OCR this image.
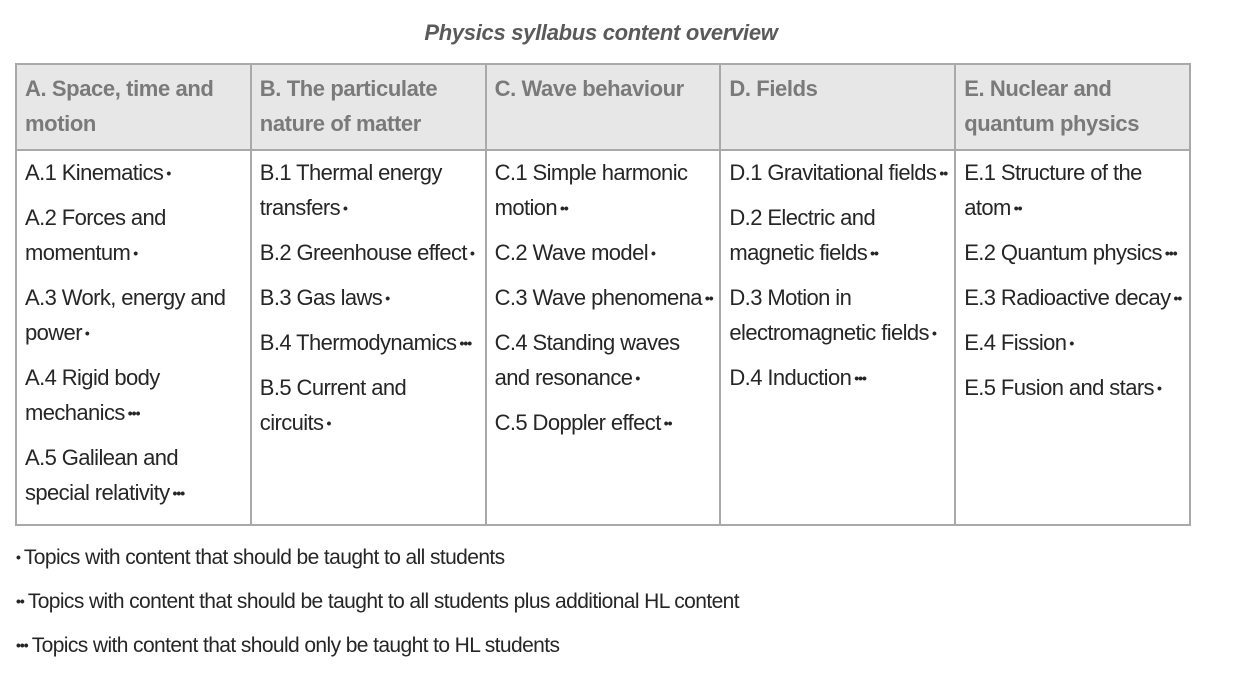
Physics syllabus content overview
A. Space, time and motion	B. The particulate nature of matter	C. Wave behaviour	D. Fields	E. Nuclear and quantum physics

A.1 Kinematics •
A.2 Forces and momentum •
A.3 Work, energy and power •
A.4 Rigid body mechanics •••
A.5 Galilean and special relativity •••

B.1 Thermal energy transfers •
B.2 Greenhouse effect •
B.3 Gas laws •
B.4 Thermodynamics •••
B.5 Current and circuits •

C.1 Simple harmonic motion ••
C.2 Wave model •
C.3 Wave phenomena ••
C.4 Standing waves and resonance •
C.5 Doppler effect ••

D.1 Gravitational fields ••
D.2 Electric and magnetic fields ••
D.3 Motion in electromagnetic fields •
D.4 Induction •••

E.1 Structure of the atom ••
E.2 Quantum physics •••
E.3 Radioactive decay ••
E.4 Fission •
E.5 Fusion and stars •
• Topics with content that should be taught to all students
•• Topics with content that should be taught to all students plus additional HL content
••• Topics with content that should only be taught to HL students
